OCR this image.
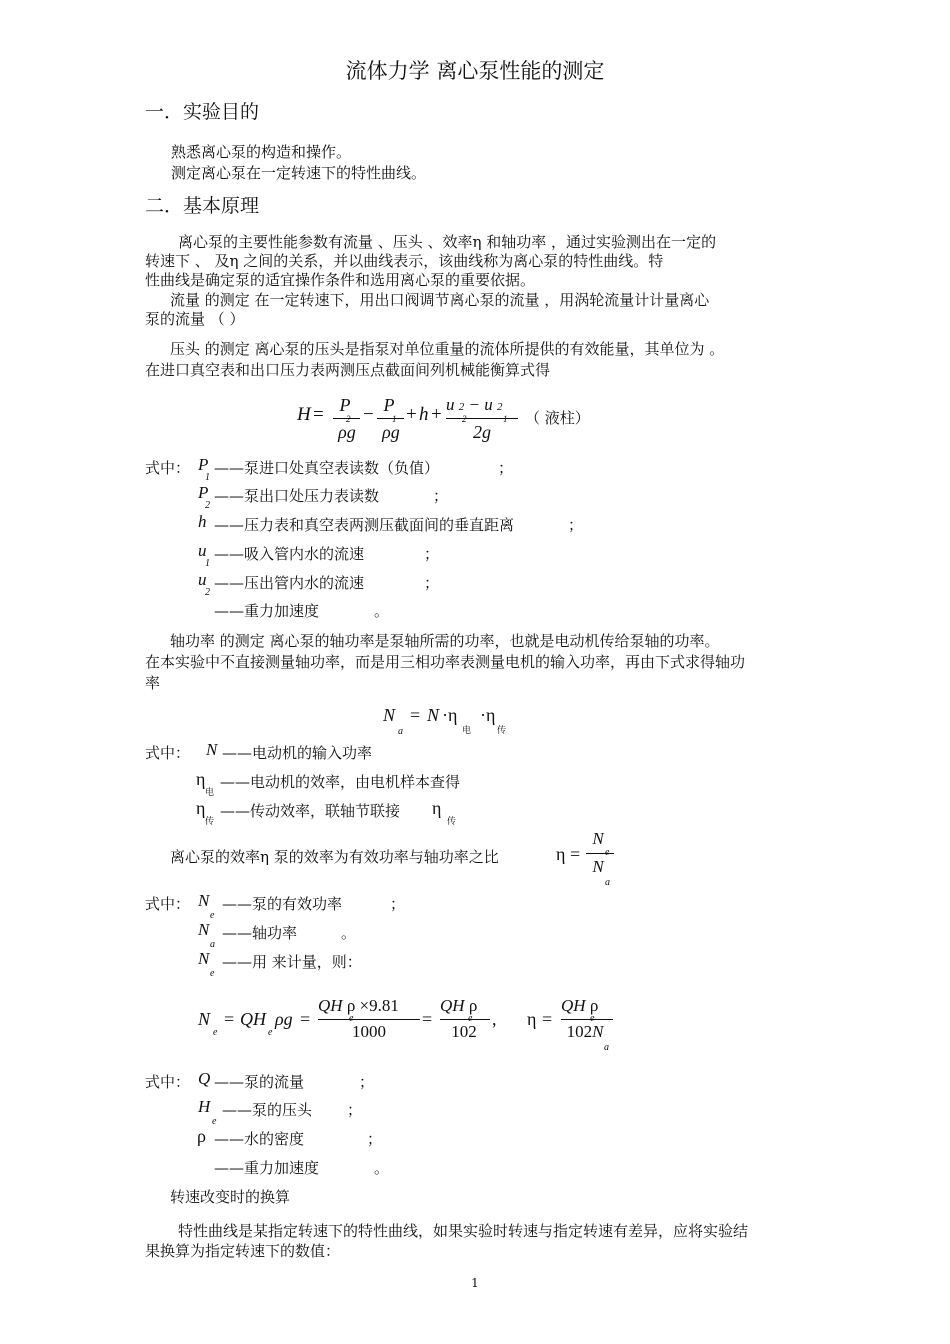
流体力学 离心泵性能的测定
一．实验目的
熟悉离心泵的构造和操作。
测定离心泵在一定转速下的特性曲线。
二．基本原理
离心泵的主要性能参数有流量 、压头 、效率η 和轴功率 ，通过实验测出在一定的
转速下 、 及η 之间的关系，并以曲线表示，该曲线称为离心泵的特性曲线。特
性曲线是确定泵的适宜操作条件和选用离心泵的重要依据。
流量 的测定 在一定转速下，用出口阀调节离心泵的流量 ，用涡轮流量计计量离心
泵的流量 （ ）
压头 的测定 离心泵的压头是指泵对单位重量的流体所提供的有效能量，其单位为 。
在进口真空表和出口压力表两测压点截面间列机械能衡算式得
H = P
2
ρg
− P
1
ρg
+ h + u 2 − u 2
2	1
2g
（ 液柱）
式中： P
1
——泵进口处真空表读数（负值）	；
P
2
——泵出口处压力表读数	；
h ——压力表和真空表两测压截面间的垂直距离	；
u
1
——吸入管内水的流速	；
u
2
——压出管内水的流速	；
——重力加速度	。
轴功率 的测定 离心泵的轴功率是泵轴所需的功率，也就是电动机传给泵轴的功率。
在本实验中不直接测量轴功率，而是用三相功率表测量电机的输入功率，再由下式求得轴功
率
N
a
= N ·η
电
·η
传
式中： N ——电动机的输入功率
η
电
——电动机的效率，由电机样本查得
η
传
——传动效率，联轴节联接 η
传
离心泵的效率η 泵的效率为有效功率与轴功率之比	η =
N
e
N
a
式中： N
e
——泵的有效功率	；
N
a
——轴功率	。
N
e
——用 来计量，则：
N
e
= QH
e
ρg =
QH ρ ×9.81
e
1000
=
QH ρ
e
102
, η =
QH ρ
e
102N
a
式中： Q ——泵的流量	；
H
e
——泵的压头 ；
ρ ——水的密度	；
——重力加速度	。
转速改变时的换算
特性曲线是某指定转速下的特性曲线，如果实验时转速与指定转速有差异，应将实验结
果换算为指定转速下的数值：
1
